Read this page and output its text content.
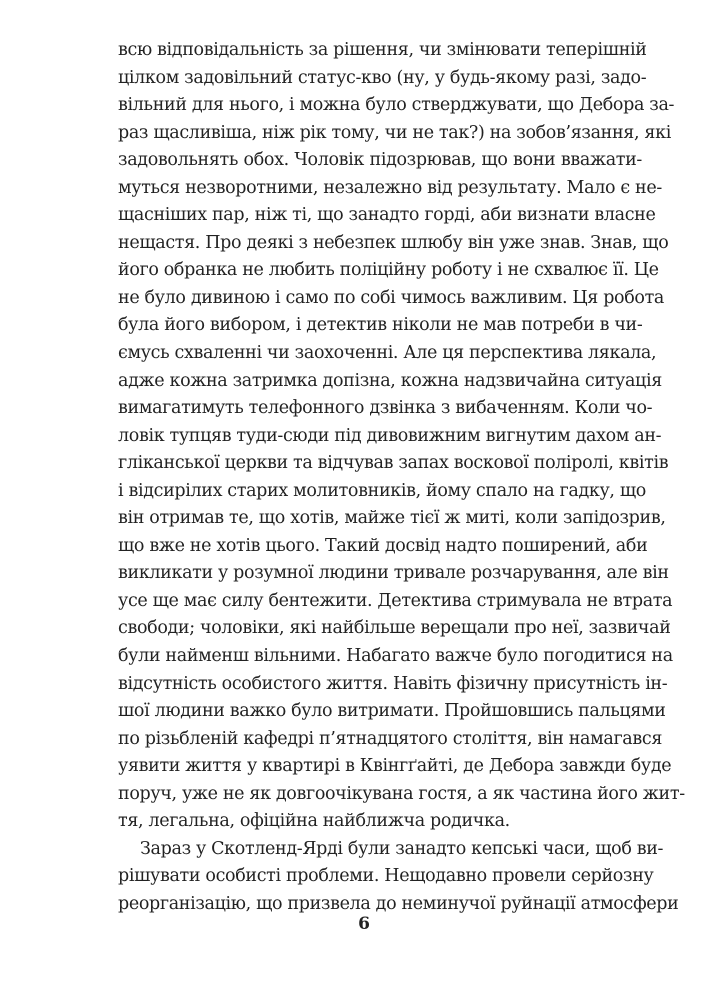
всю відповідальність за рішення, чи змінювати теперішній
цілком задовільний статус-кво (ну, у будь-якому разі, задо-
вільний для нього, і можна було стверджувати, що Дебора за-
раз щасливіша, ніж рік тому, чи не так?) на зобов’язання, які
задовольнять обох. Чоловік підозрював, що вони вважати-
муться незворотними, незалежно від результату. Мало є не-
щасніших пар, ніж ті, що занадто горді, аби визнати власне
нещастя. Про деякі з небезпек шлюбу він уже знав. Знав, що
його обранка не любить поліційну роботу і не схвалює її. Це
не було дивиною і само по собі чимось важливим. Ця робота
була його вибором, і детектив ніколи не мав потреби в чи-
ємусь схваленні чи заохоченні. Але ця перспектива лякала,
адже кожна затримка допізна, кожна надзвичайна ситуація
вимагатимуть телефонного дзвінка з вибаченням. Коли чо-
ловік тупцяв туди-сюди під дивовижним вигнутим дахом ан-
гліканської церкви та відчував запах воскової поліролі, квітів
і відсирілих старих молитовників, йому спало на гадку, що
він отримав те, що хотів, майже тієї ж миті, коли запідозрив,
що вже не хотів цього. Такий досвід надто поширений, аби
викликати у розумної людини тривале розчарування, але він
усе ще має силу бентежити. Детектива стримувала не втрата
свободи; чоловіки, які найбільше верещали про неї, зазвичай
були найменш вільними. Набагато важче було погодитися на
відсутність особистого життя. Навіть фізичну присутність ін-
шої людини важко було витримати. Пройшовшись пальцями
по різьбленій кафедрі п’ятнадцятого століття, він намагався
уявити життя у квартирі в Квінгґайті, де Дебора завжди буде
поруч, уже не як довгоочікувана гостя, а як частина його жит-
тя, легальна, офіційна найближча родичка.
Зараз у Скотленд-Ярді були занадто кепські часи, щоб ви-
рішувати особисті проблеми. Нещодавно провели серйозну
реорганізацію, що призвела до неминучої руйнації атмосфери
6
